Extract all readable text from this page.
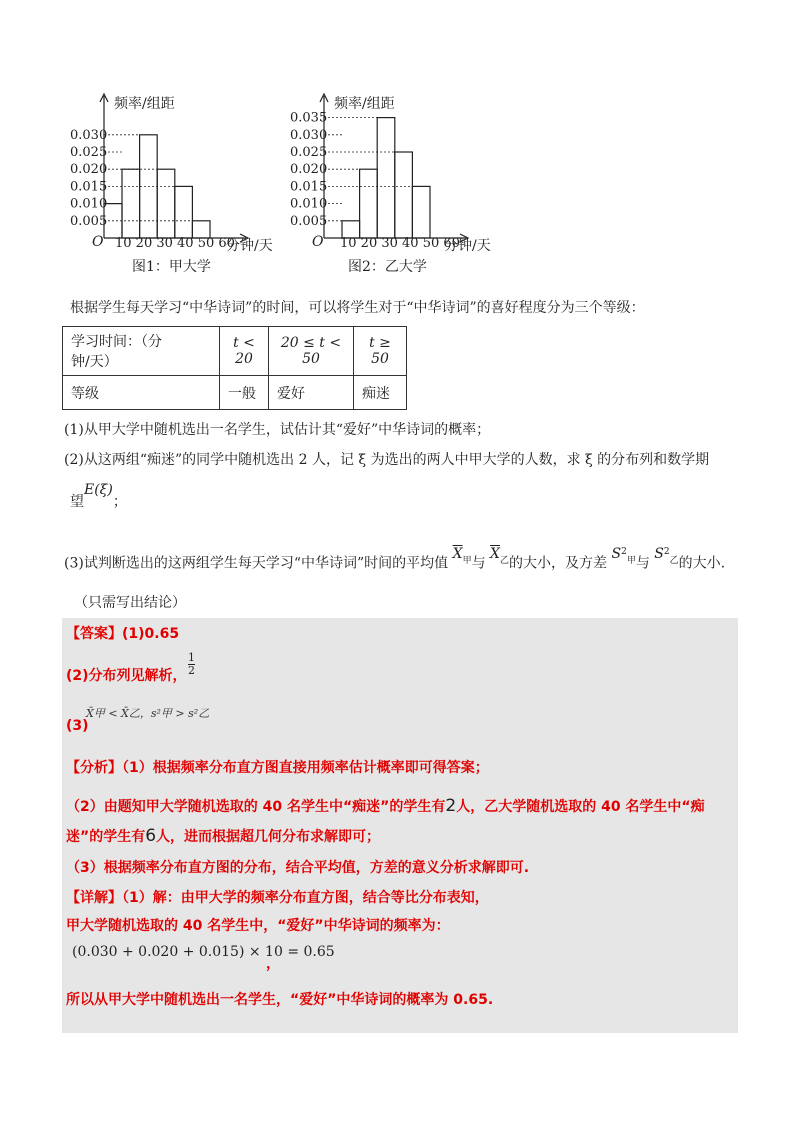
频率/组距
O 10 20 30 40 50 60
分钟/天
图1：甲大学
0.030
0.025
0.020
0.015
0.010
0.005
频率/组距
O 10 20 30 40 50 60
分钟/天
图2：乙大学
0.035
0.030
0.025
0.020
0.015
0.010
0.005
根据学生每天学习“中华诗词”的时间，可以将学生对于“中华诗词”的喜好程度分为三个等级：
学习时间：（分
钟/天）	t < 20	20 ≤ t < 50	t ≥ 50
等级	一般	爱好	痴迷
(1)从甲大学中随机选出一名学生，试估计其“爱好”中华诗词的概率；
(2)从这两组“痴迷”的同学中随机选出 2 人，记 ξ 为选出的两人中甲大学的人数，求 ξ 的分布列和数学期
望E(ξ)；
(3)试判断选出的这两组学生每天学习“中华诗词”时间的平均值 $\overline{X}_甲$与 $\overline{X}_乙$的大小，及方差 $S^2_甲$与 $S^2_乙$的大小.
（只需写出结论）
【答案】(1)0.65
(2)分布列见解析，
1
2
(3)
X̄甲 < X̄乙，s²甲 > s²乙
【分析】（1）根据频率分布直方图直接用频率估计概率即可得答案；
（2）由题知甲大学随机选取的 40 名学生中“痴迷”的学生有2人，乙大学随机选取的 40 名学生中“痴
迷”的学生有6人，进而根据超几何分布求解即可；
（3）根据频率分布直方图的分布，结合平均值，方差的意义分析求解即可.
【详解】（1）解：由甲大学的频率分布直方图，结合等比分布表知，
甲大学随机选取的 40 名学生中，“爱好”中华诗词的频率为：
(0.030 + 0.020 + 0.015) × 10 = 0.65
，
所以从甲大学中随机选出一名学生，“爱好”中华诗词的概率为 0.65.
